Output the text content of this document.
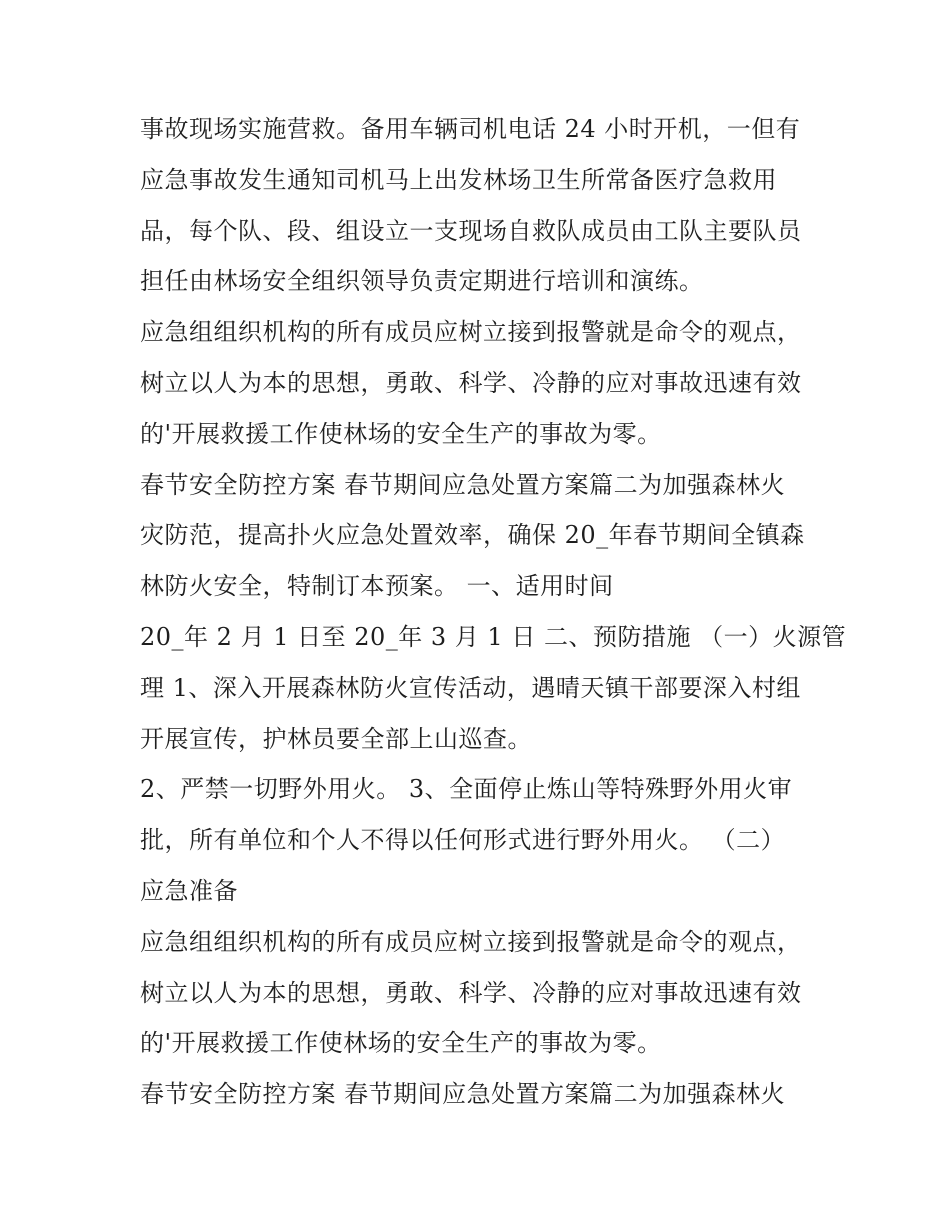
事故现场实施营救。备用车辆司机电话 24 小时开机，一但有
应急事故发生通知司机马上出发林场卫生所常备医疗急救用
品，每个队、段、组设立一支现场自救队成员由工队主要队员
担任由林场安全组织领导负责定期进行培训和演练。
应急组组织机构的所有成员应树立接到报警就是命令的观点，
树立以人为本的思想，勇敢、科学、冷静的应对事故迅速有效
的'开展救援工作使林场的安全生产的事故为零。
春节安全防控方案 春节期间应急处置方案篇二为加强森林火
灾防范，提高扑火应急处置效率，确保 20_年春节期间全镇森
林防火安全，特制订本预案。 一、适用时间
20_年 2 月 1 日至 20_年 3 月 1 日 二、预防措施 （一）火源管
理 1、深入开展森林防火宣传活动，遇晴天镇干部要深入村组
开展宣传，护林员要全部上山巡查。
2、严禁一切野外用火。 3、全面停止炼山等特殊野外用火审
批，所有单位和个人不得以任何形式进行野外用火。 （二）
应急准备
应急组组织机构的所有成员应树立接到报警就是命令的观点，
树立以人为本的思想，勇敢、科学、冷静的应对事故迅速有效
的'开展救援工作使林场的安全生产的事故为零。
春节安全防控方案 春节期间应急处置方案篇二为加强森林火
